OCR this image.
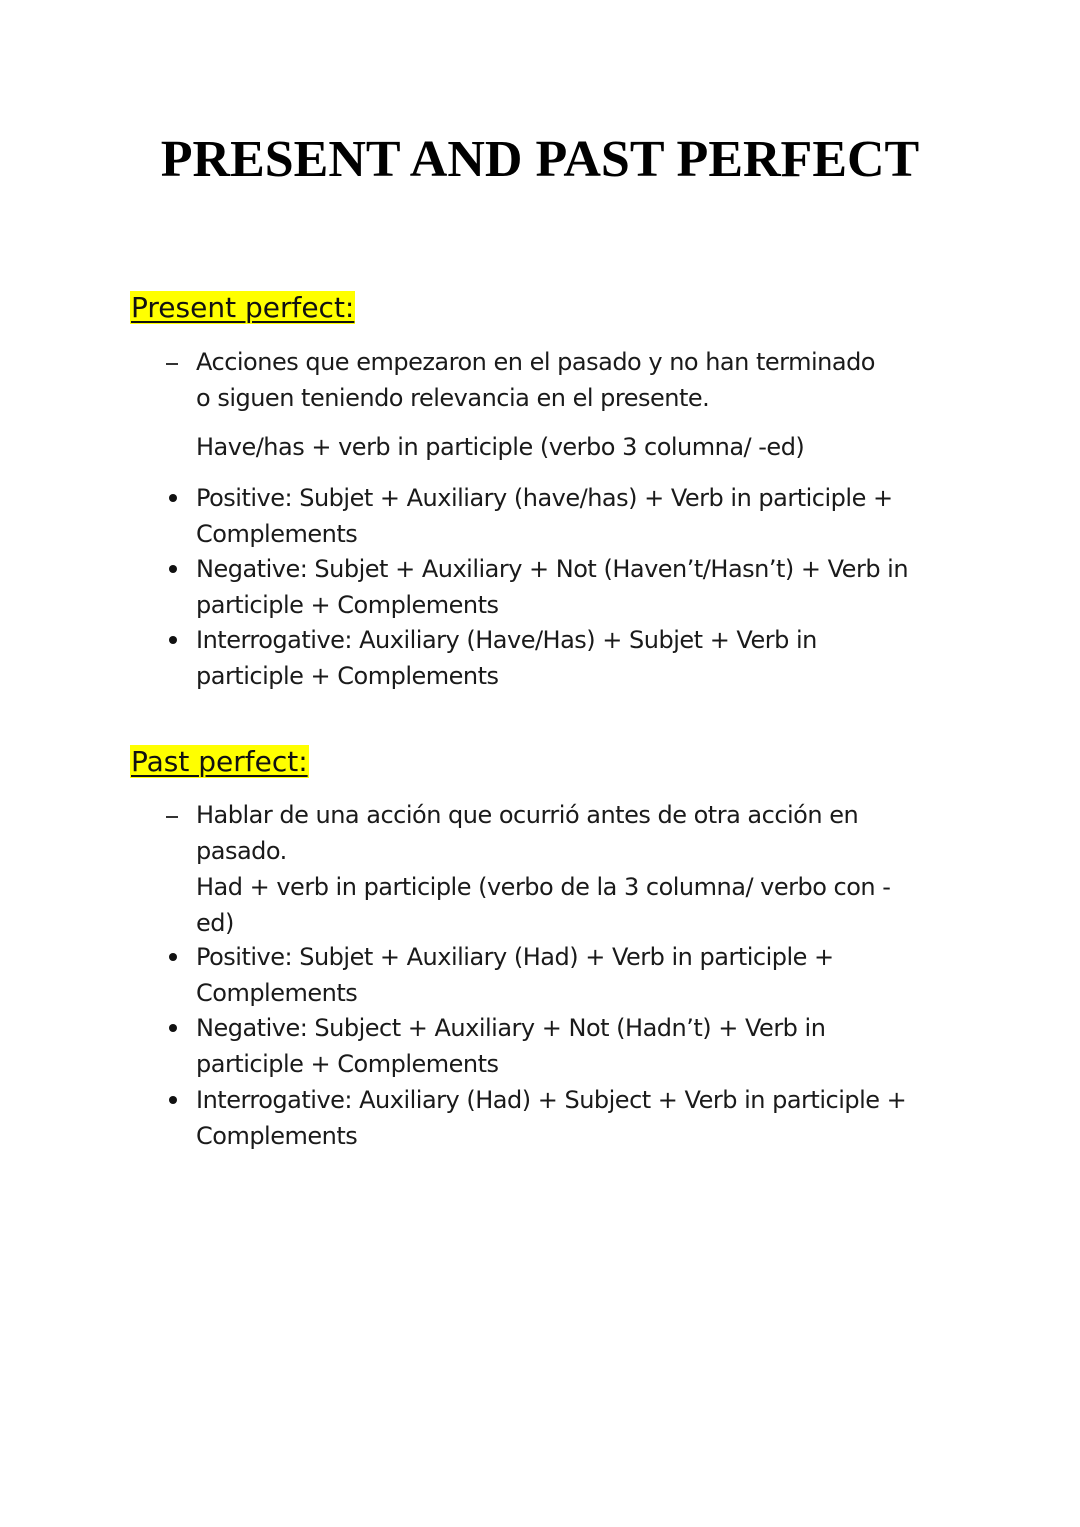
PRESENT AND PAST PERFECT
Present perfect:
Acciones que empezaron en el pasado y no han terminado
o siguen teniendo relevancia en el presente.
Have/has + verb in participle (verbo 3 columna/ -ed)
Positive: Subjet + Auxiliary (have/has) + Verb in participle +
Complements
Negative: Subjet + Auxiliary + Not (Haven’t/Hasn’t) + Verb in
participle + Complements
Interrogative: Auxiliary (Have/Has) + Subjet + Verb in
participle + Complements
Past perfect:
Hablar de una acción que ocurrió antes de otra acción en
pasado.
Had + verb in participle (verbo de la 3 columna/ verbo con -
ed)
Positive: Subjet + Auxiliary (Had) + Verb in participle +
Complements
Negative: Subject + Auxiliary + Not (Hadn’t) + Verb in
participle + Complements
Interrogative: Auxiliary (Had) + Subject + Verb in participle +
Complements
